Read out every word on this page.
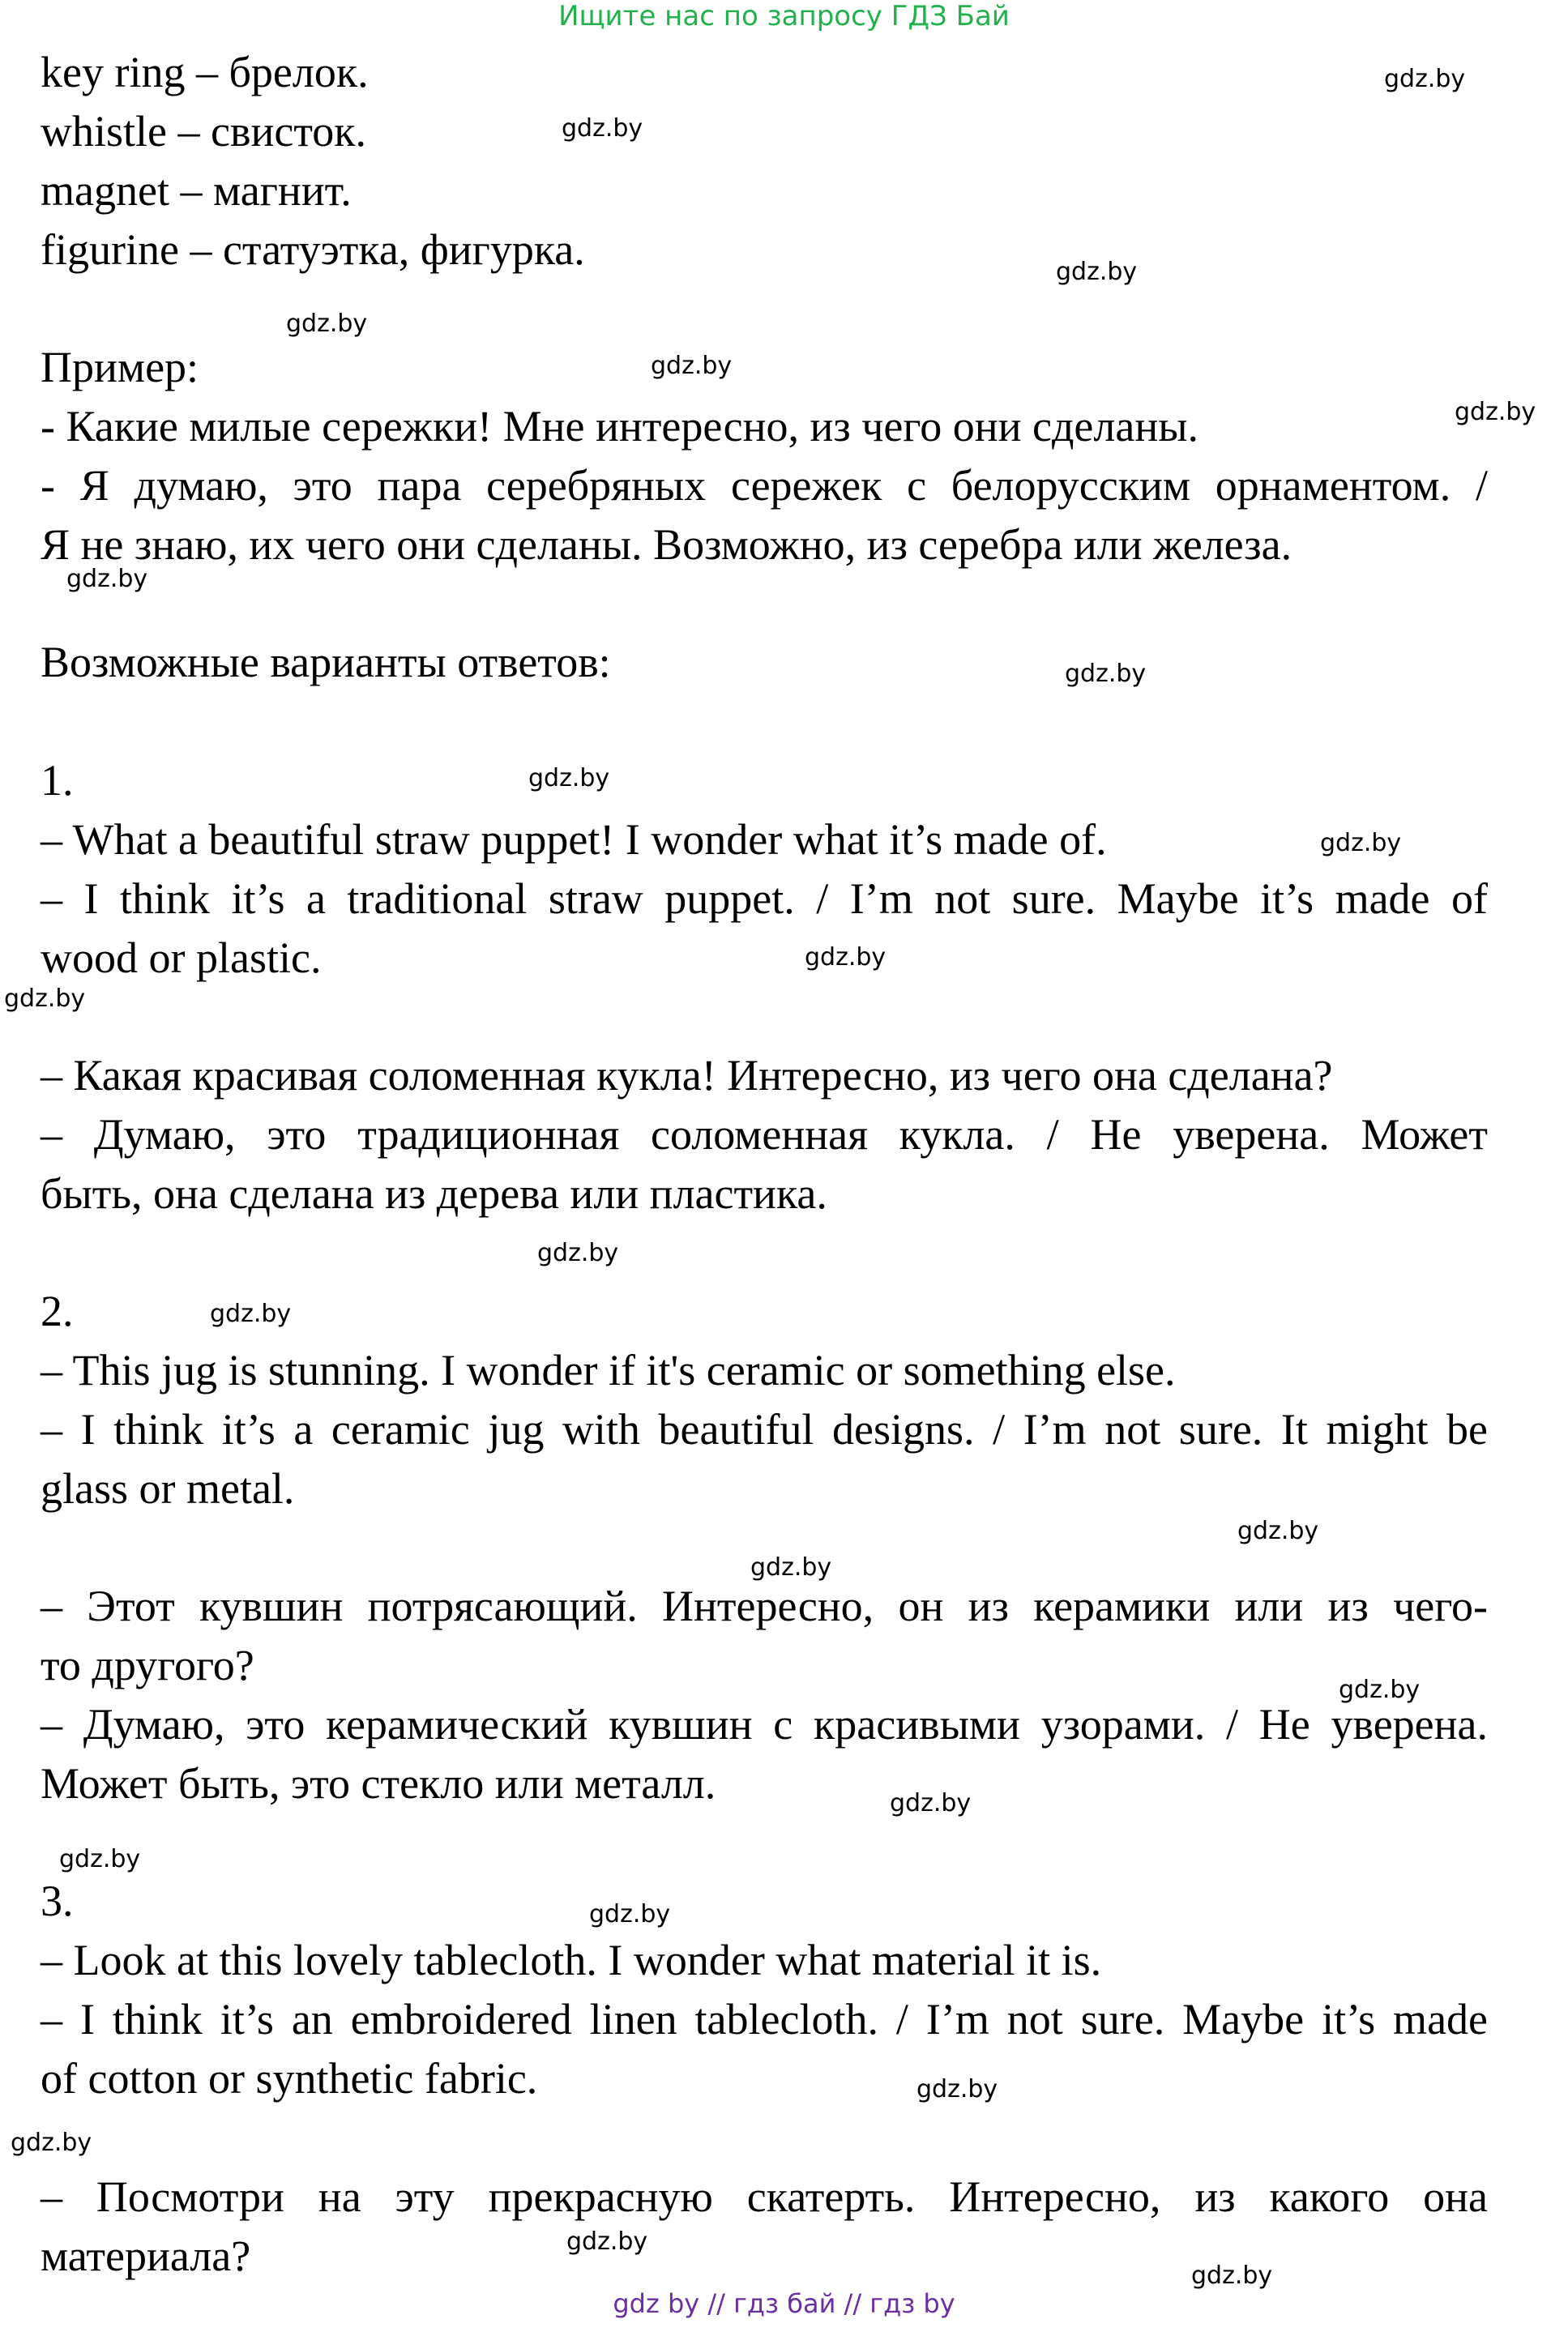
Ищите нас по запросу ГДЗ Бай
key ring – брелок.
whistle – свисток.
magnet – магнит.
figurine – статуэтка, фигурка.
Пример:
- Какие милые сережки! Мне интересно, из чего они сделаны.
- Я думаю, это пара серебряных сережек с белорусским орнаментом. /
Я не знаю, их чего они сделаны. Возможно, из серебра или железа.
Возможные варианты ответов:
1.
– What a beautiful straw puppet! I wonder what it’s made of.
– I think it’s a traditional straw puppet. / I’m not sure. Maybe it’s made of
wood or plastic.
– Какая красивая соломенная кукла! Интересно, из чего она сделана?
– Думаю, это традиционная соломенная кукла. / Не уверена. Может
быть, она сделана из дерева или пластика.
2.
– This jug is stunning. I wonder if it's ceramic or something else.
– I think it’s a ceramic jug with beautiful designs. / I’m not sure. It might be
glass or metal.
– Этот кувшин потрясающий. Интересно, он из керамики или из чего-
то другого?
– Думаю, это керамический кувшин с красивыми узорами. / Не уверена.
Может быть, это стекло или металл.
3.
– Look at this lovely tablecloth. I wonder what material it is.
– I think it’s an embroidered linen tablecloth. / I’m not sure. Maybe it’s made
of cotton or synthetic fabric.
– Посмотри на эту прекрасную скатерть. Интересно, из какого она
материала?
gdz.by
gdz.by
gdz.by
gdz.by
gdz.by
gdz.by
gdz.by
gdz.by
gdz.by
gdz.by
gdz.by
gdz.by
gdz.by
gdz.by
gdz.by
gdz.by
gdz.by
gdz.by
gdz.by
gdz.by
gdz.by
gdz.by
gdz.by
gdz.by
gdz by // гдз бай // гдз by
